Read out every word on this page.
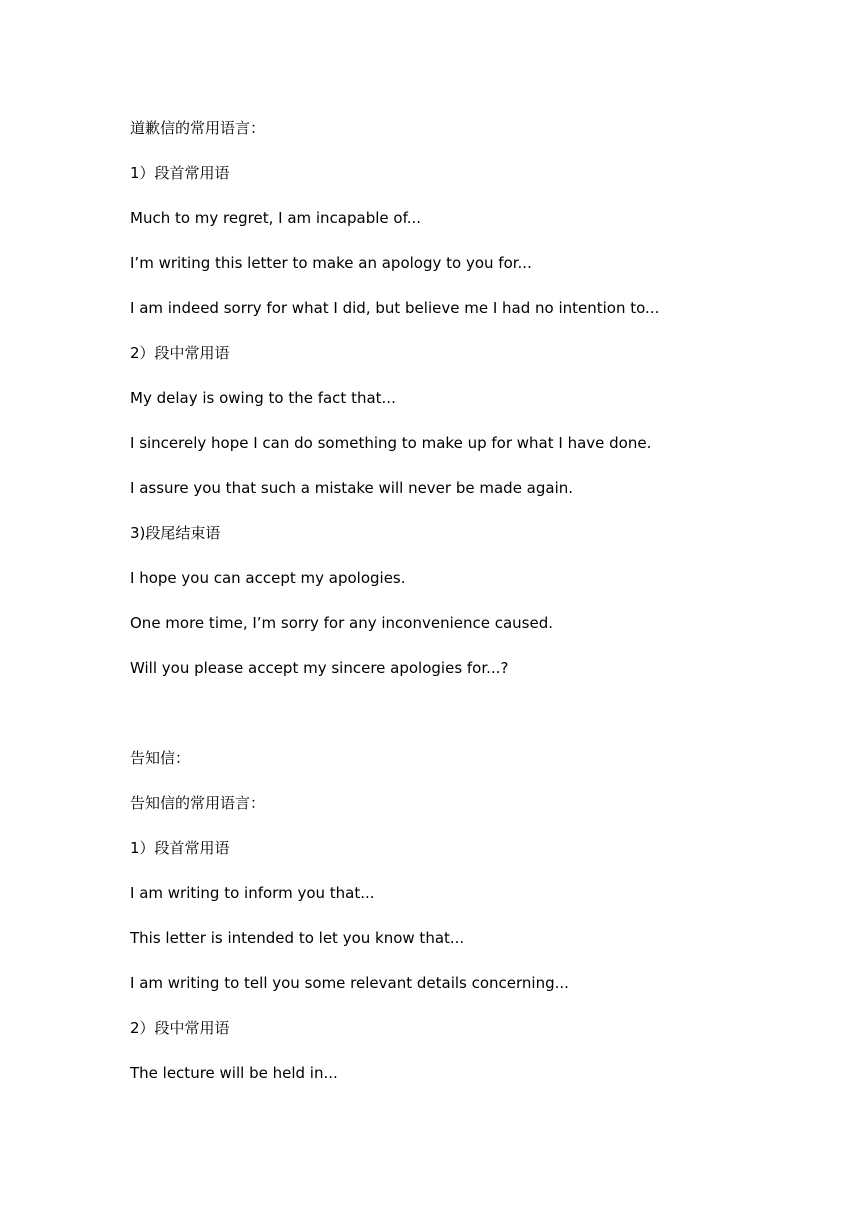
道歉信的常用语言：

1）段首常用语

Much to my regret, I am incapable of...

I’m writing this letter to make an apology to you for...

I am indeed sorry for what I did, but believe me I had no intention to...

2）段中常用语

My delay is owing to the fact that...

I sincerely hope I can do something to make up for what I have done.

I assure you that such a mistake will never be made again.

3)段尾结束语

I hope you can accept my apologies.

One more time, I’m sorry for any inconvenience caused.

Will you please accept my sincere apologies for...?

告知信：

告知信的常用语言：

1）段首常用语

I am writing to inform you that...

This letter is intended to let you know that...

I am writing to tell you some relevant details concerning...

2）段中常用语

The lecture will be held in...
